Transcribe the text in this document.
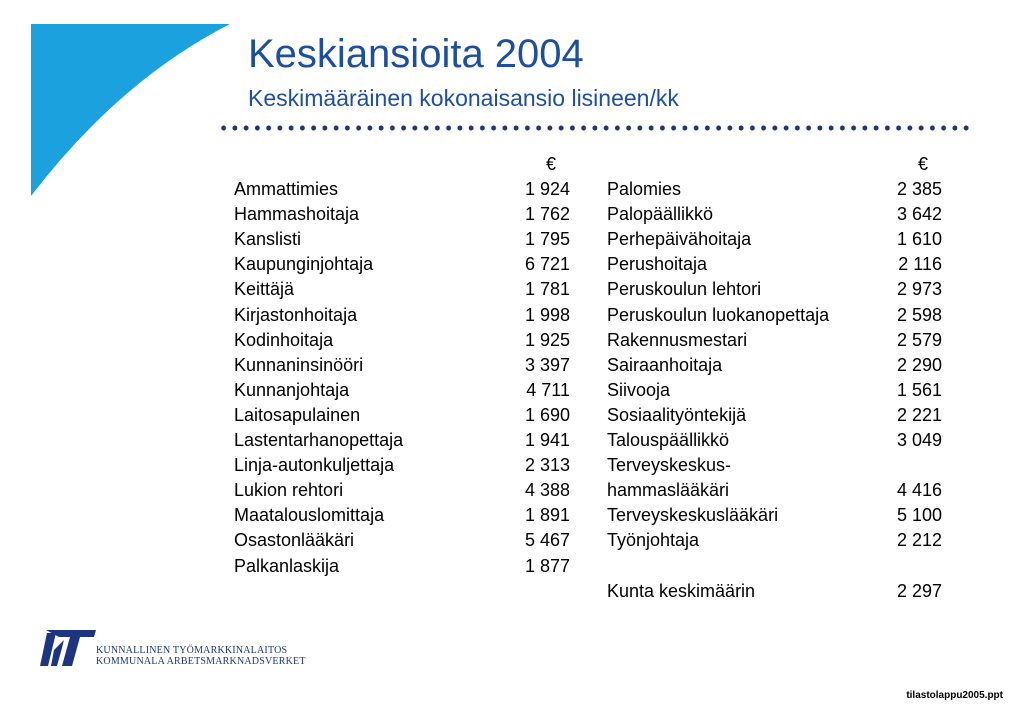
Keskiansioita 2004
Keskimääräinen kokonaisansio lisineen/kk
€
Ammattimies	1 924
Hammashoitaja	1 762
Kanslisti	1 795
Kaupunginjohtaja	6 721
Keittäjä	1 781
Kirjastonhoitaja	1 998
Kodinhoitaja	1 925
Kunnaninsinööri	3 397
Kunnanjohtaja	4 711
Laitosapulainen	1 690
Lastentarhanopettaja	1 941
Linja-autonkuljettaja	2 313
Lukion rehtori	4 388
Maatalouslomittaja	1 891
Osastonlääkäri	5 467
Palkanlaskija	1 877
€
Palomies	2 385
Palopäällikkö	3 642
Perhepäivähoitaja	1 610
Perushoitaja	2 116
Peruskoulun lehtori	2 973
Peruskoulun luokanopettaja	2 598
Rakennusmestari	2 579
Sairaanhoitaja	2 290
Siivooja	1 561
Sosiaalityöntekijä	2 221
Talouspäällikkö	3 049
Terveyskeskus-
hammaslääkäri	4 416
Terveyskeskuslääkäri	5 100
Työnjohtaja	2 212
Kunta keskimäärin	2 297
KUNNALLINEN TYÖMARKKINALAITOS
KOMMUNALA ARBETSMARKNADSVERKET
tilastolappu2005.ppt
